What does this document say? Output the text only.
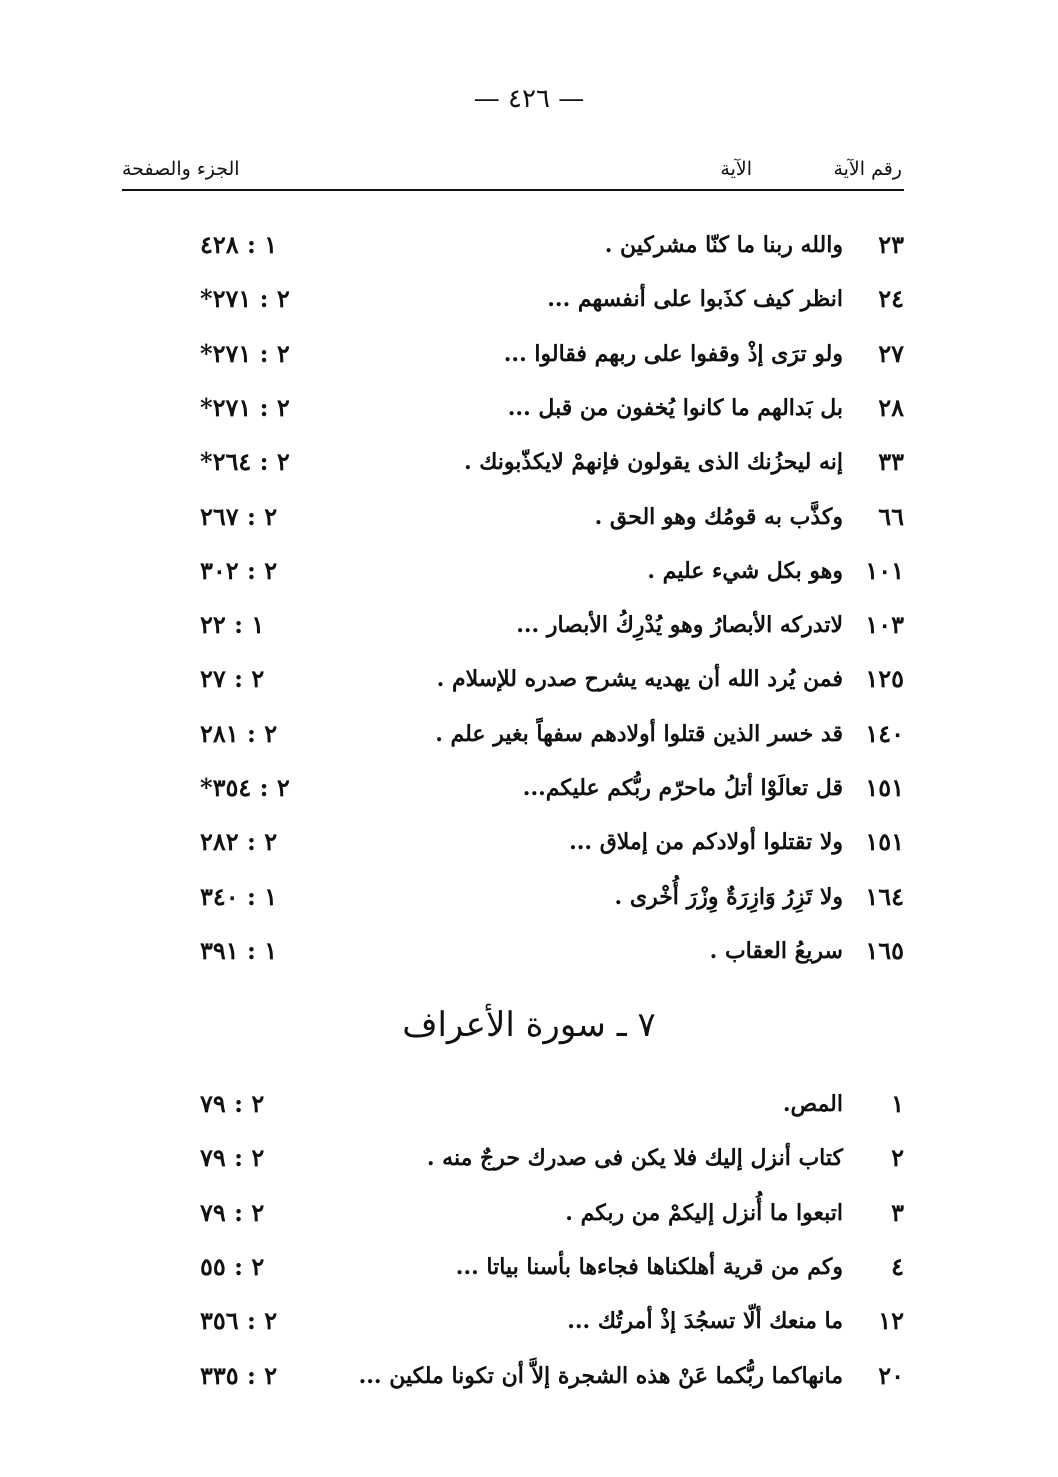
— ٤٢٦ —
رقم الآية
الآية
الجزء والصفحة
٢٣
والله ربنا ما كنّا مشركين .
١ : ٤٢٨
٢٤
انظر كيف كذَبوا على أنفسهم ...
٢ : ٢٧١*
٢٧
ولو ترَى إذْ وقفوا على ربهم فقالوا ...
٢ : ٢٧١*
٢٨
بل بَدالهم ما كانوا يُخفون من قبل ...
٢ : ٢٧١*
٣٣
إنه ليحزُنك الذى يقولون فإنهمْ لايكذّبونك .
٢ : ٢٦٤*
٦٦
وكذَّب به قومُك وهو الحق .
٢ : ٢٦٧
١٠١
وهو بكل شيء عليم .
٢ : ٣٠٢
١٠٣
لاتدركه الأبصارُ وهو يُدْرِكُ الأبصار ...
١ : ٢٢
١٢٥
فمن يُرد الله أن يهديه يشرح صدره للإسلام .
٢ : ٢٧
١٤٠
قد خسر الذين قتلوا أولادهم سفهاً بغير علم .
٢ : ٢٨١
١٥١
قل تعالَوْا أتلُ ماحرّم ربُّكم عليكم...
٢ : ٣٥٤*
١٥١
ولا تقتلوا أولادكم من إملاق ...
٢ : ٢٨٢
١٦٤
ولا تَزِرُ وَازِرَةٌ وِزْرَ أُخْرى .
١ : ٣٤٠
١٦٥
سريعُ العقاب .
١ : ٣٩١
٧ ـ سورة الأعراف
١
المص.
٢ : ٧٩
٢
كتاب أنزل إليك فلا يكن فى صدرك حرجٌ منه .
٢ : ٧٩
٣
اتبعوا ما أُنزل إليكمْ من ربكم .
٢ : ٧٩
٤
وكم من قرية أهلكناها فجاءها بأسنا بياتا ...
٢ : ٥٥
١٢
ما منعك ألّا تسجُدَ إذْ أمرتُك ...
٢ : ٣٥٦
٢٠
مانهاكما ربُّكما عَنْ هذه الشجرة إلاَّ أن تكونا ملكين ...
٢ : ٣٣٥
